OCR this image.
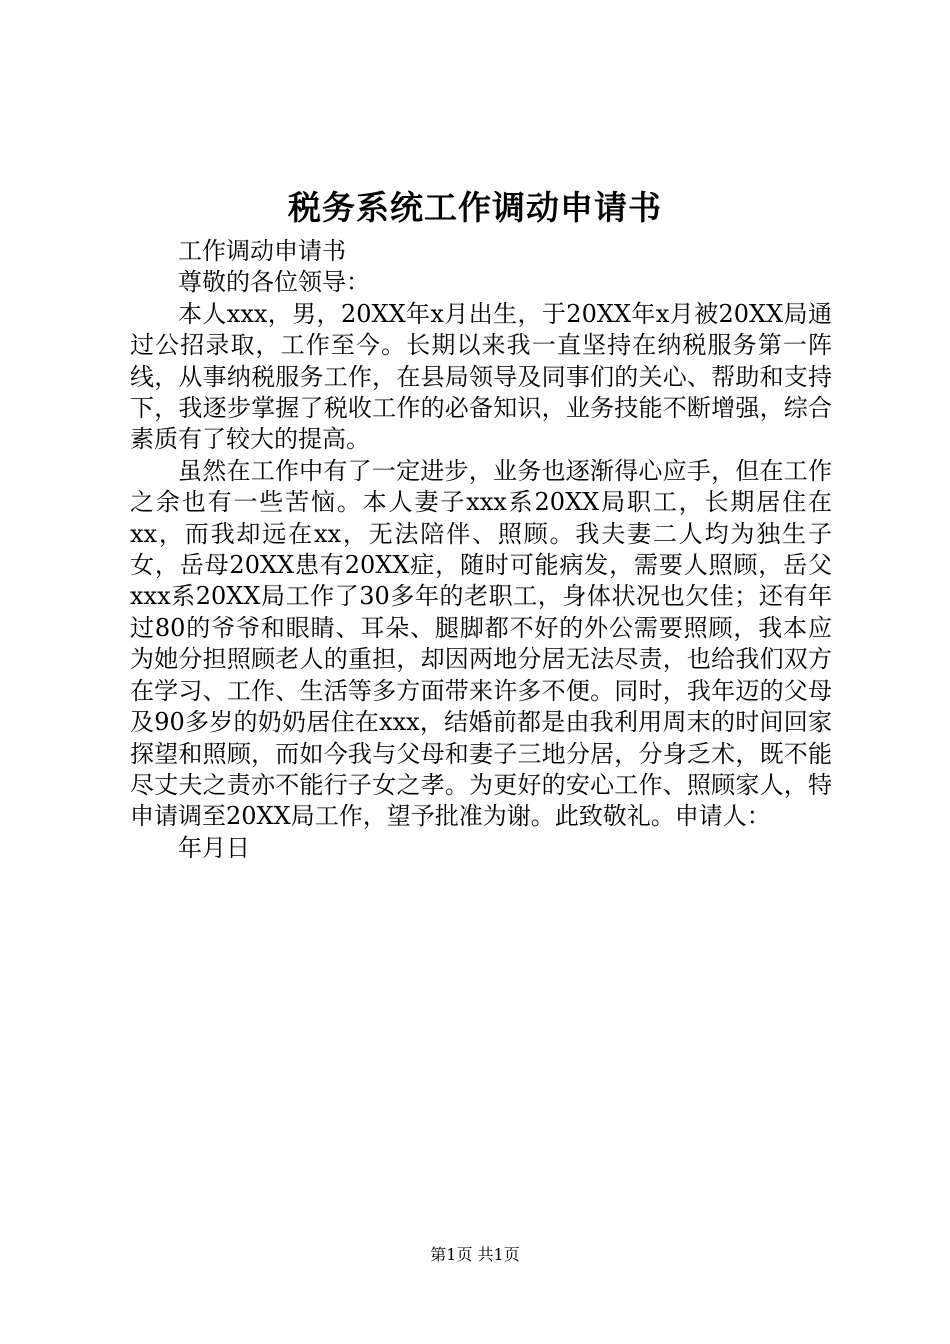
税务系统工作调动申请书

工作调动申请书

尊敬的各位领导：

本人xxx，男，20XX年x月出生，于20XX年x月被20XX局通过公招录取，工作至今。长期以来我一直坚持在纳税服务第一阵线，从事纳税服务工作，在县局领导及同事们的关心、帮助和支持下，我逐步掌握了税收工作的必备知识，业务技能不断增强，综合素质有了较大的提高。

虽然在工作中有了一定进步，业务也逐渐得心应手，但在工作之余也有一些苦恼。本人妻子xxx系20XX局职工，长期居住在xx，而我却远在xx，无法陪伴、照顾。我夫妻二人均为独生子女，岳母20XX患有20XX症，随时可能病发，需要人照顾，岳父xxx系20XX局工作了30多年的老职工，身体状况也欠佳；还有年过80的爷爷和眼睛、耳朵、腿脚都不好的外公需要照顾，我本应为她分担照顾老人的重担，却因两地分居无法尽责，也给我们双方在学习、工作、生活等多方面带来许多不便。同时，我年迈的父母及90多岁的奶奶居住在xxx，结婚前都是由我利用周末的时间回家探望和照顾，而如今我与父母和妻子三地分居，分身乏术，既不能尽丈夫之责亦不能行子女之孝。为更好的安心工作、照顾家人，特申请调至20XX局工作，望予批准为谢。此致敬礼。申请人：

年月日

第1页 共1页
